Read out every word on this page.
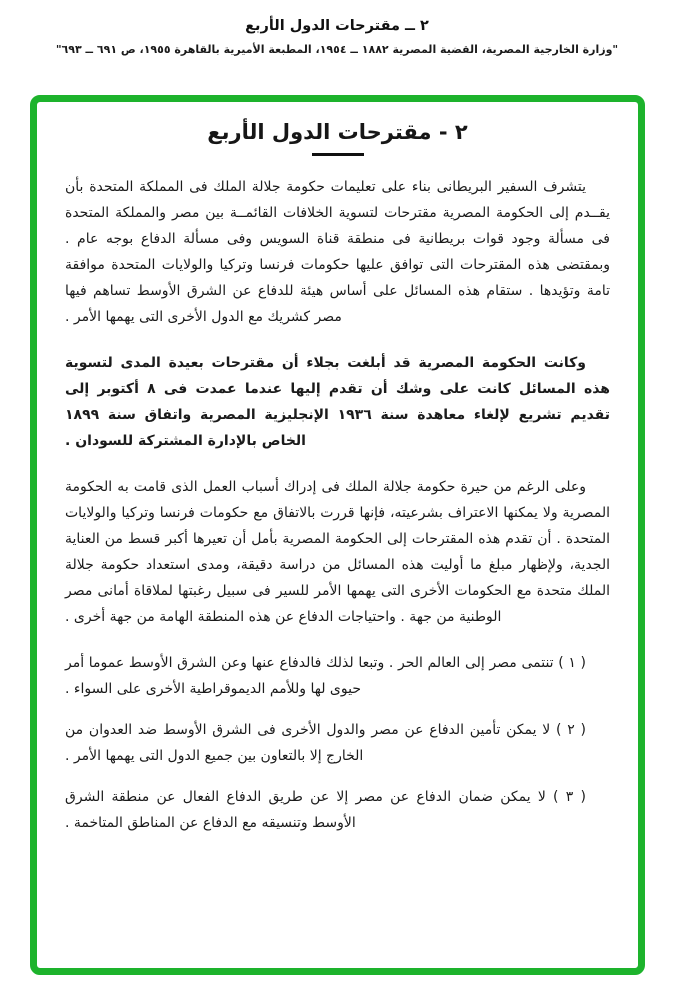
٢ ــ مقترحات الدول الأربع
"وزارة الخارجية المصرية، القضية المصرية ١٨٨٢ ــ ١٩٥٤، المطبعة الأميرية بالقاهرة ١٩٥٥، ص ٦٩١ ــ ٦٩٣"
٢ - مقترحات الدول الأربع

يتشرف السفير البريطانى بناء على تعليمات حكومة جلالة الملك فى المملكة المتحدة بأن يقــدم إلى الحكومة المصرية مقترحات لتسوية الخلافات القائمــة بين مصر والمملكة المتحدة فى مسألة وجود قوات بريطانية فى منطقة قناة السويس وفى مسألة الدفاع بوجه عام . وبمقتضى هذه المقترحات التى توافق عليها حكومات فرنسا وتركيا والولايات المتحدة موافقة تامة وتؤيدها . ستقام هذه المسائل على أساس هيئة للدفاع عن الشرق الأوسط تساهم فيها مصر كشريك مع الدول الأخرى التى يهمها الأمر .

وكانت الحكومة المصرية قد أبلغت بجلاء أن مقترحات بعيدة المدى لتسوية هذه المسائل كانت على وشك أن تقدم إليها عندما عمدت فى ٨ أكتوبر إلى تقديم تشريع لإلغاء معاهدة سنة ١٩٣٦ الإنجليزية المصرية واتفاق سنة ١٨٩٩ الخاص بالإدارة المشتركة للسودان .

وعلى الرغم من حيرة حكومة جلالة الملك فى إدراك أسباب العمل الذى قامت به الحكومة المصرية ولا يمكنها الاعتراف بشرعيته، فإنها قررت بالاتفاق مع حكومات فرنسا وتركيا والولايات المتحدة . أن تقدم هذه المقترحات إلى الحكومة المصرية بأمل أن تعيرها أكبر قسط من العناية الجدية، ولإظهار مبلغ ما أوليت هذه المسائل من دراسة دقيقة، ومدى استعداد حكومة جلالة الملك متحدة مع الحكومات الأخرى التى يهمها الأمر للسير فى سبيل رغبتها لملاقاة أمانى مصر الوطنية من جهة . واحتياجات الدفاع عن هذه المنطقة الهامة من جهة أخرى .

( ١ ) تنتمى مصر إلى العالم الحر . وتبعا لذلك فالدفاع عنها وعن الشرق الأوسط عموما أمر حيوى لها وللأمم الديموقراطية الأخرى على السواء .

( ٢ ) لا يمكن تأمين الدفاع عن مصر والدول الأخرى فى الشرق الأوسط ضد العدوان من الخارج إلا بالتعاون بين جميع الدول التى يهمها الأمر .

( ٣ ) لا يمكن ضمان الدفاع عن مصر إلا عن طريق الدفاع الفعال عن منطقة الشرق الأوسط وتنسيقه مع الدفاع عن المناطق المتاخمة .
